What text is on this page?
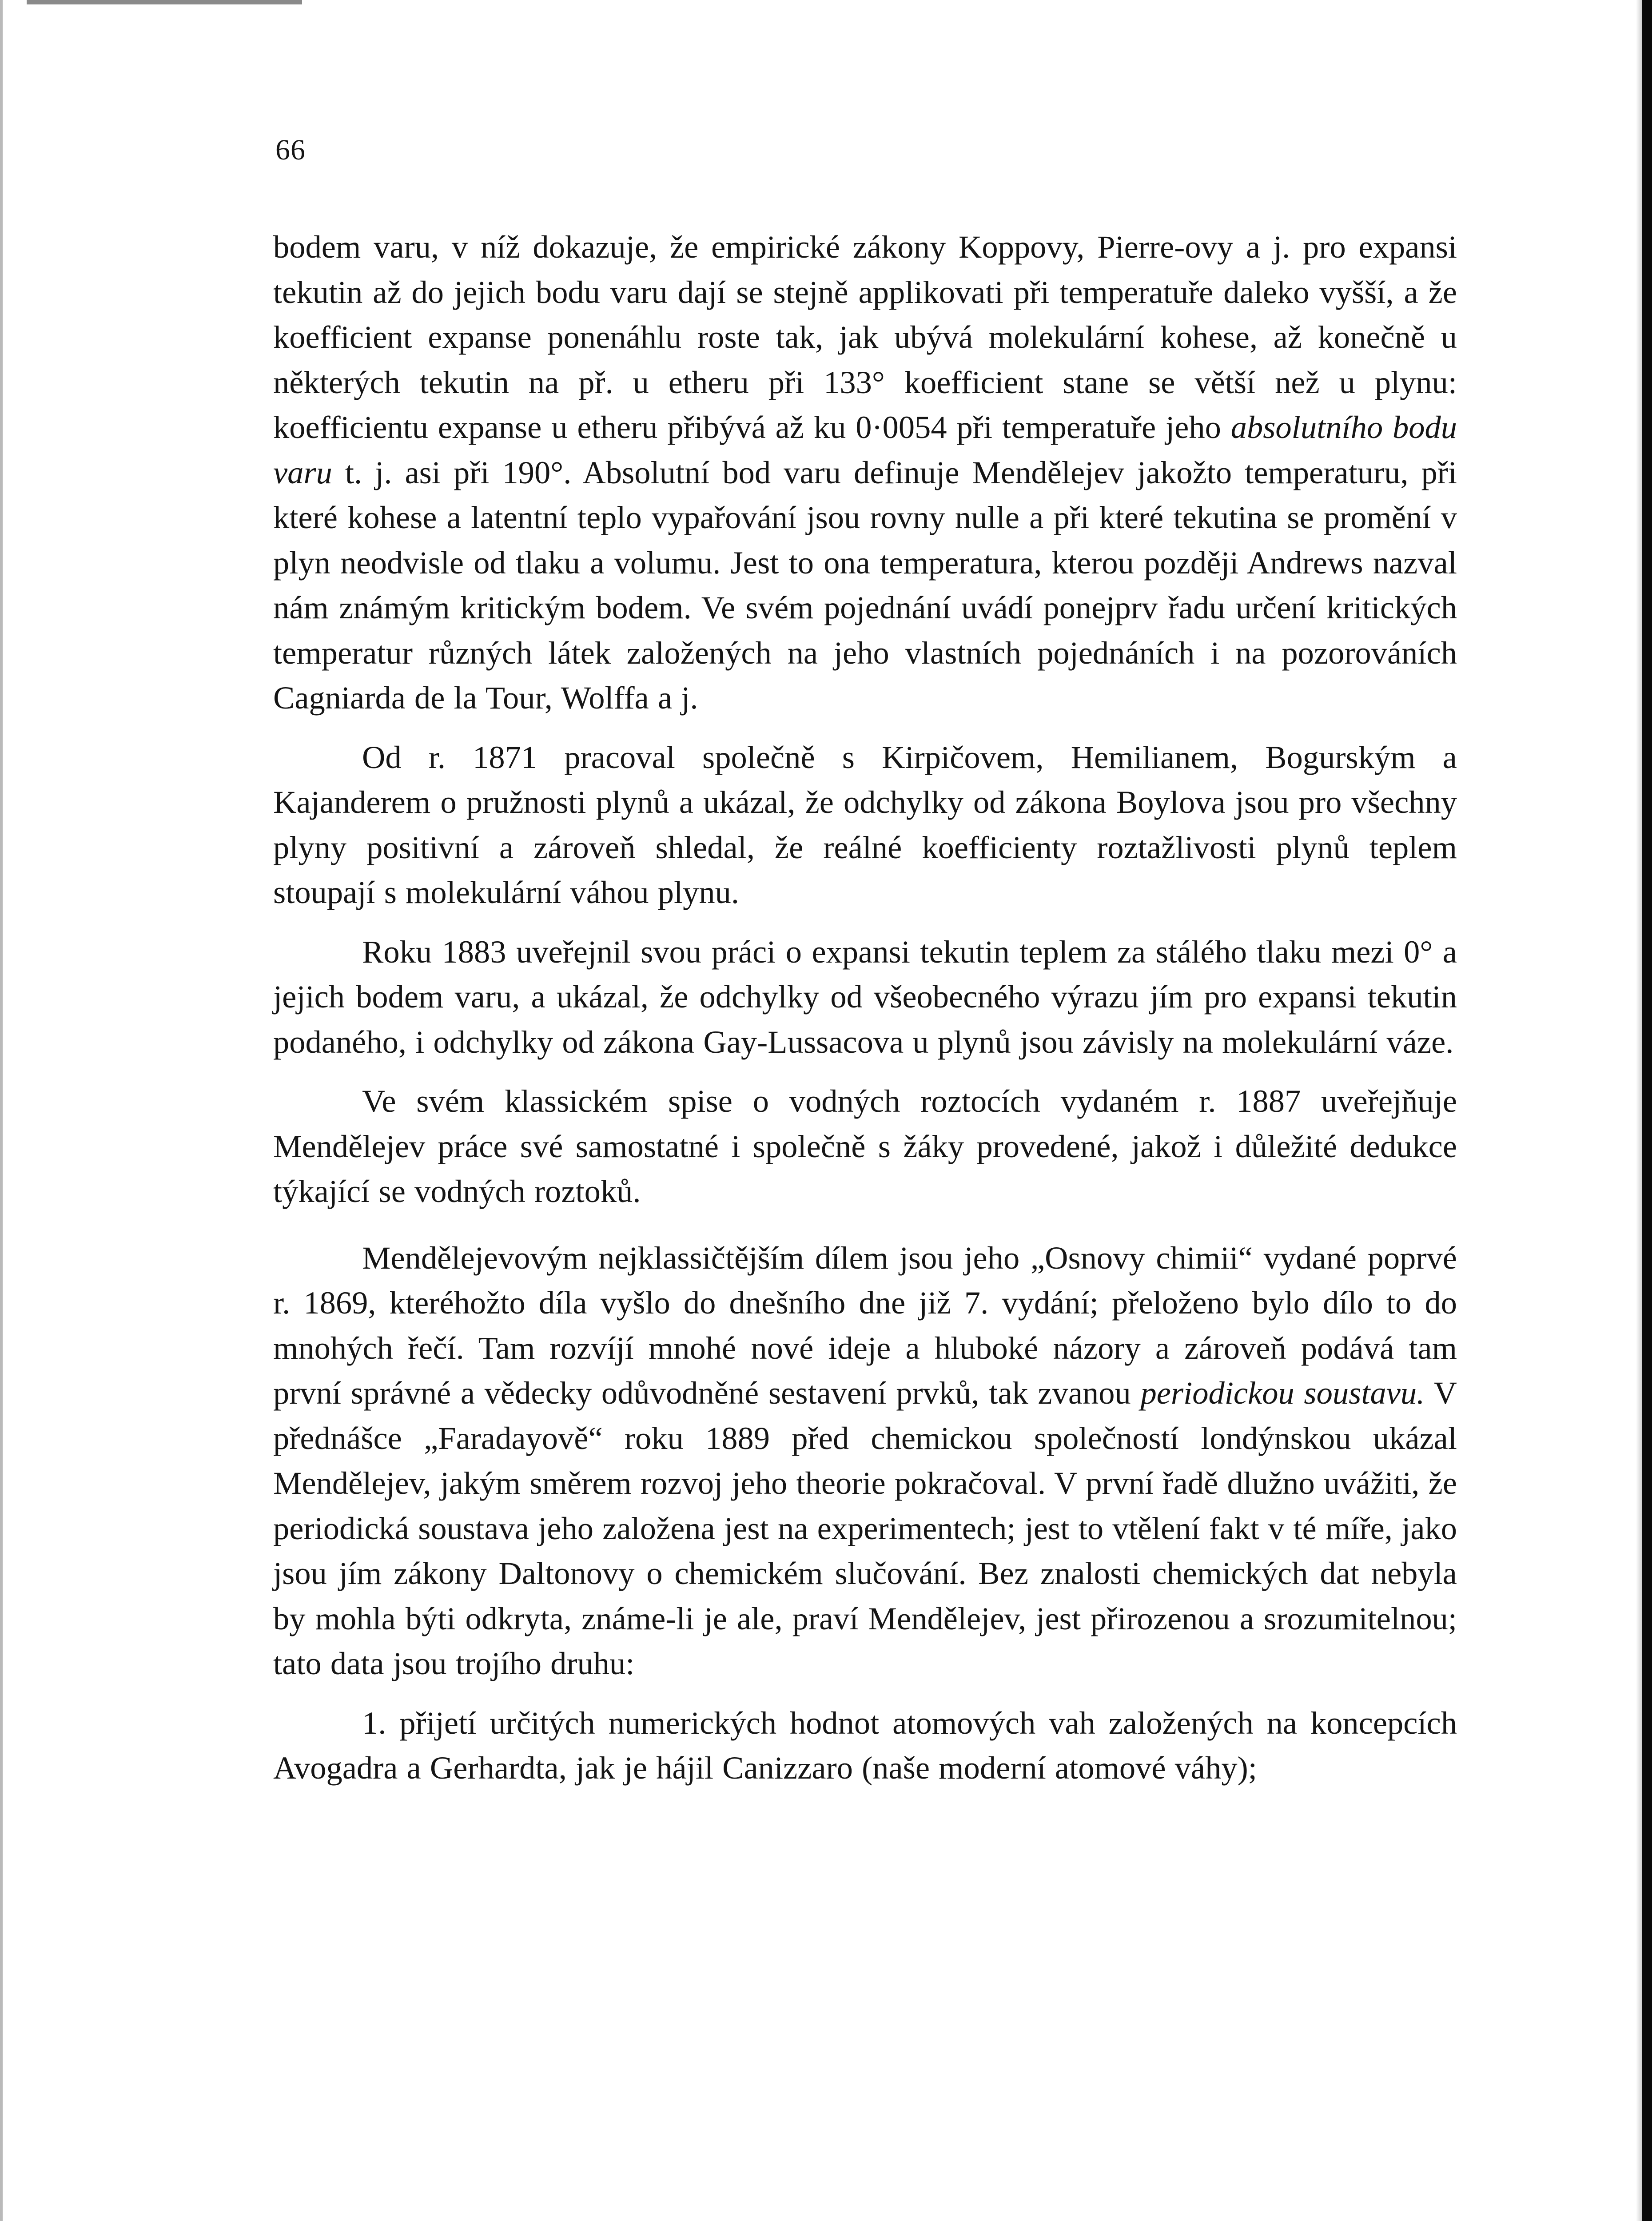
66

bodem varu, v níž dokazuje, že empirické zákony Koppovy, Pierre-ovy a j. pro expansi tekutin až do jejich bodu varu dají se stejně applikovati při temperatuře daleko vyšší, a že koefficient expanse ponenáhlu roste tak, jak ubývá molekulární kohese, až konečně u některých tekutin na př. u etheru při 133° koefficient stane se větší než u plynu: koefficientu expanse u etheru přibývá až ku 0·0054 při temperatuře jeho absolutního bodu varu t. j. asi při 190°. Absolutní bod varu definuje Mendělejev jakožto temperaturu, při které kohese a latentní teplo vypařování jsou rovny nulle a při které tekutina se promění v plyn neodvisle od tlaku a volumu. Jest to ona temperatura, kterou později Andrews nazval nám známým kritickým bodem. Ve svém pojednání uvádí ponejprv řadu určení kritických temperatur různých látek založených na jeho vlastních pojednáních i na pozorováních Cagniarda de la Tour, Wolffa a j.

Od r. 1871 pracoval společně s Kirpičovem, Hemilianem, Bogurským a Kajanderem o pružnosti plynů a ukázal, že odchylky od zákona Boylova jsou pro všechny plyny positivní a zároveň shledal, že reálné koefficienty roztažlivosti plynů teplem stoupají s molekulární váhou plynu.

Roku 1883 uveřejnil svou práci o expansi tekutin teplem za stálého tlaku mezi 0° a jejich bodem varu, a ukázal, že odchylky od všeobecného výrazu jím pro expansi tekutin podaného, i odchylky od zákona Gay-Lussacova u plynů jsou závisly na molekulární váze.

Ve svém klassickém spise o vodných roztocích vydaném r. 1887 uveřejňuje Mendělejev práce své samostatné i společně s žáky provedené, jakož i důležité dedukce týkající se vodných roztoků.

Mendělejevovým nejklassičtějším dílem jsou jeho „Osnovy chimii“ vydané poprvé r. 1869, kteréhožto díla vyšlo do dnešního dne již 7. vydání; přeloženo bylo dílo to do mnohých řečí. Tam rozvíjí mnohé nové ideje a hluboké názory a zároveň podává tam první správné a vědecky odůvodněné sestavení prvků, tak zvanou periodickou soustavu. V přednášce „Faradayově“ roku 1889 před chemickou společností londýnskou ukázal Mendělejev, jakým směrem rozvoj jeho theorie pokračoval. V první řadě dlužno uvážiti, že periodická soustava jeho založena jest na experimentech; jest to vtělení fakt v té míře, jako jsou jím zákony Daltonovy o chemickém slučování. Bez znalosti chemických dat nebyla by mohla býti odkryta, známe-li je ale, praví Mendělejev, jest přirozenou a srozumitelnou; tato data jsou trojího druhu:

1. přijetí určitých numerických hodnot atomových vah založených na koncepcích Avogadra a Gerhardta, jak je hájil Canizzaro (naše moderní atomové váhy);
